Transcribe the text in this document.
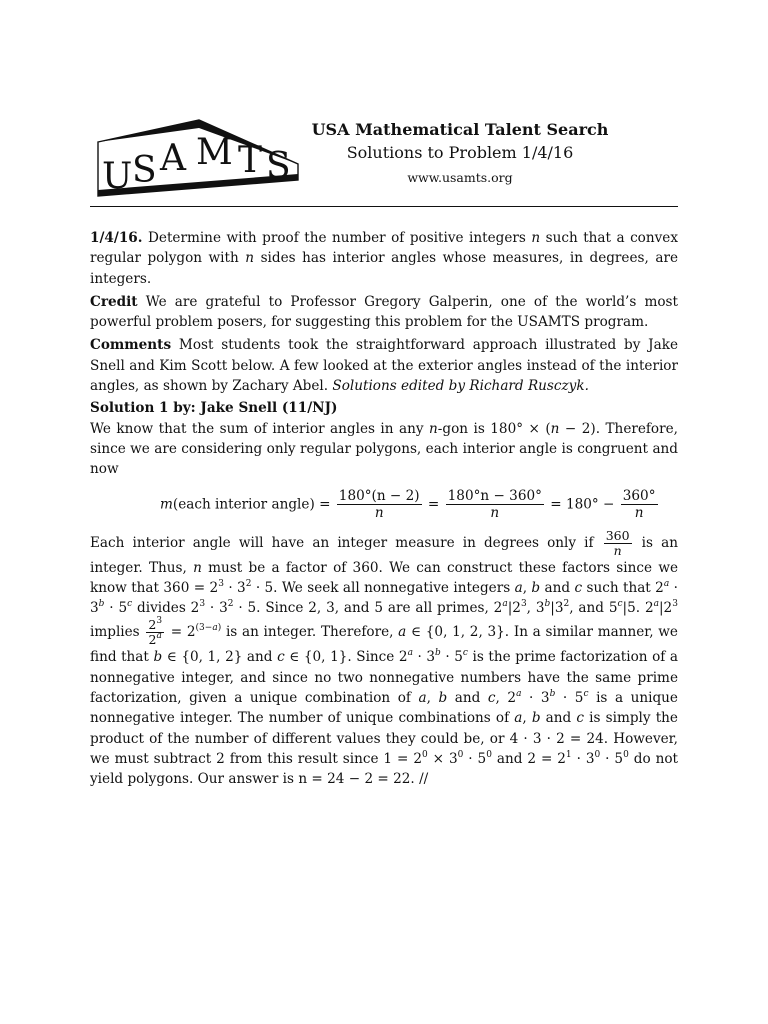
U S A M T S
USA Mathematical Talent Search
Solutions to Problem 1/4/16
www.usamts.org

1/4/16. Determine with proof the number of positive integers n such that a convex regular polygon with n sides has interior angles whose measures, in degrees, are integers.

Credit We are grateful to Professor Gregory Galperin, one of the world’s most powerful problem posers, for suggesting this problem for the USAMTS program.

Comments Most students took the straightforward approach illustrated by Jake Snell and Kim Scott below. A few looked at the exterior angles instead of the interior angles, as shown by Zachary Abel. Solutions edited by Richard Rusczyk.

Solution 1 by: Jake Snell (11/NJ)

We know that the sum of interior angles in any n-gon is 180° × (n − 2). Therefore, since we are considering only regular polygons, each interior angle is congruent and now

m(each interior angle) = $\frac{180^\circ(n - 2)}{n} = \frac{180^\circ n - 360^\circ}{n} = 180^\circ - \frac{360^\circ}{n}$

Each interior angle will have an integer measure in degrees only if $\frac{360}{n}$ is an integer. Thus, n must be a factor of 360. We can construct these factors since we know that $360 = 2^3 \cdot 3^2 \cdot 5$. We seek all nonnegative integers a, b and c such that $2^a \cdot 3^b \cdot 5^c$ divides $2^3 \cdot 3^2 \cdot 5$. Since 2, 3, and 5 are all primes, $2^a|2^3$, $3^b|3^2$, and 5$^c$|5. $2^a|2^3$ implies $\frac{2^3}{2^a} = 2^{(3-a)}$ is an integer. Therefore, a ∈ {0, 1, 2, 3}. In a similar manner, we find that b ∈ {0, 1, 2} and c ∈ {0, 1}. Since $2^a \cdot 3^b \cdot 5^c$ is the prime factorization of a nonnegative integer, and since no two nonnegative numbers have the same prime factorization, given a unique combination of a, b and c, $2^a \cdot 3^b \cdot 5^c$ is a unique nonnegative integer. The number of unique combinations of a, b and c is simply the product of the number of different values they could be, or 4 · 3 · 2 = 24. However, we must subtract 2 from this result since $1 = 2^0 \times 3^0 \cdot 5^0$ and $2 = 2^1 \cdot 3^0 \cdot 5^0$ do not yield polygons. Our answer is n = 24 − 2 = 22. //
